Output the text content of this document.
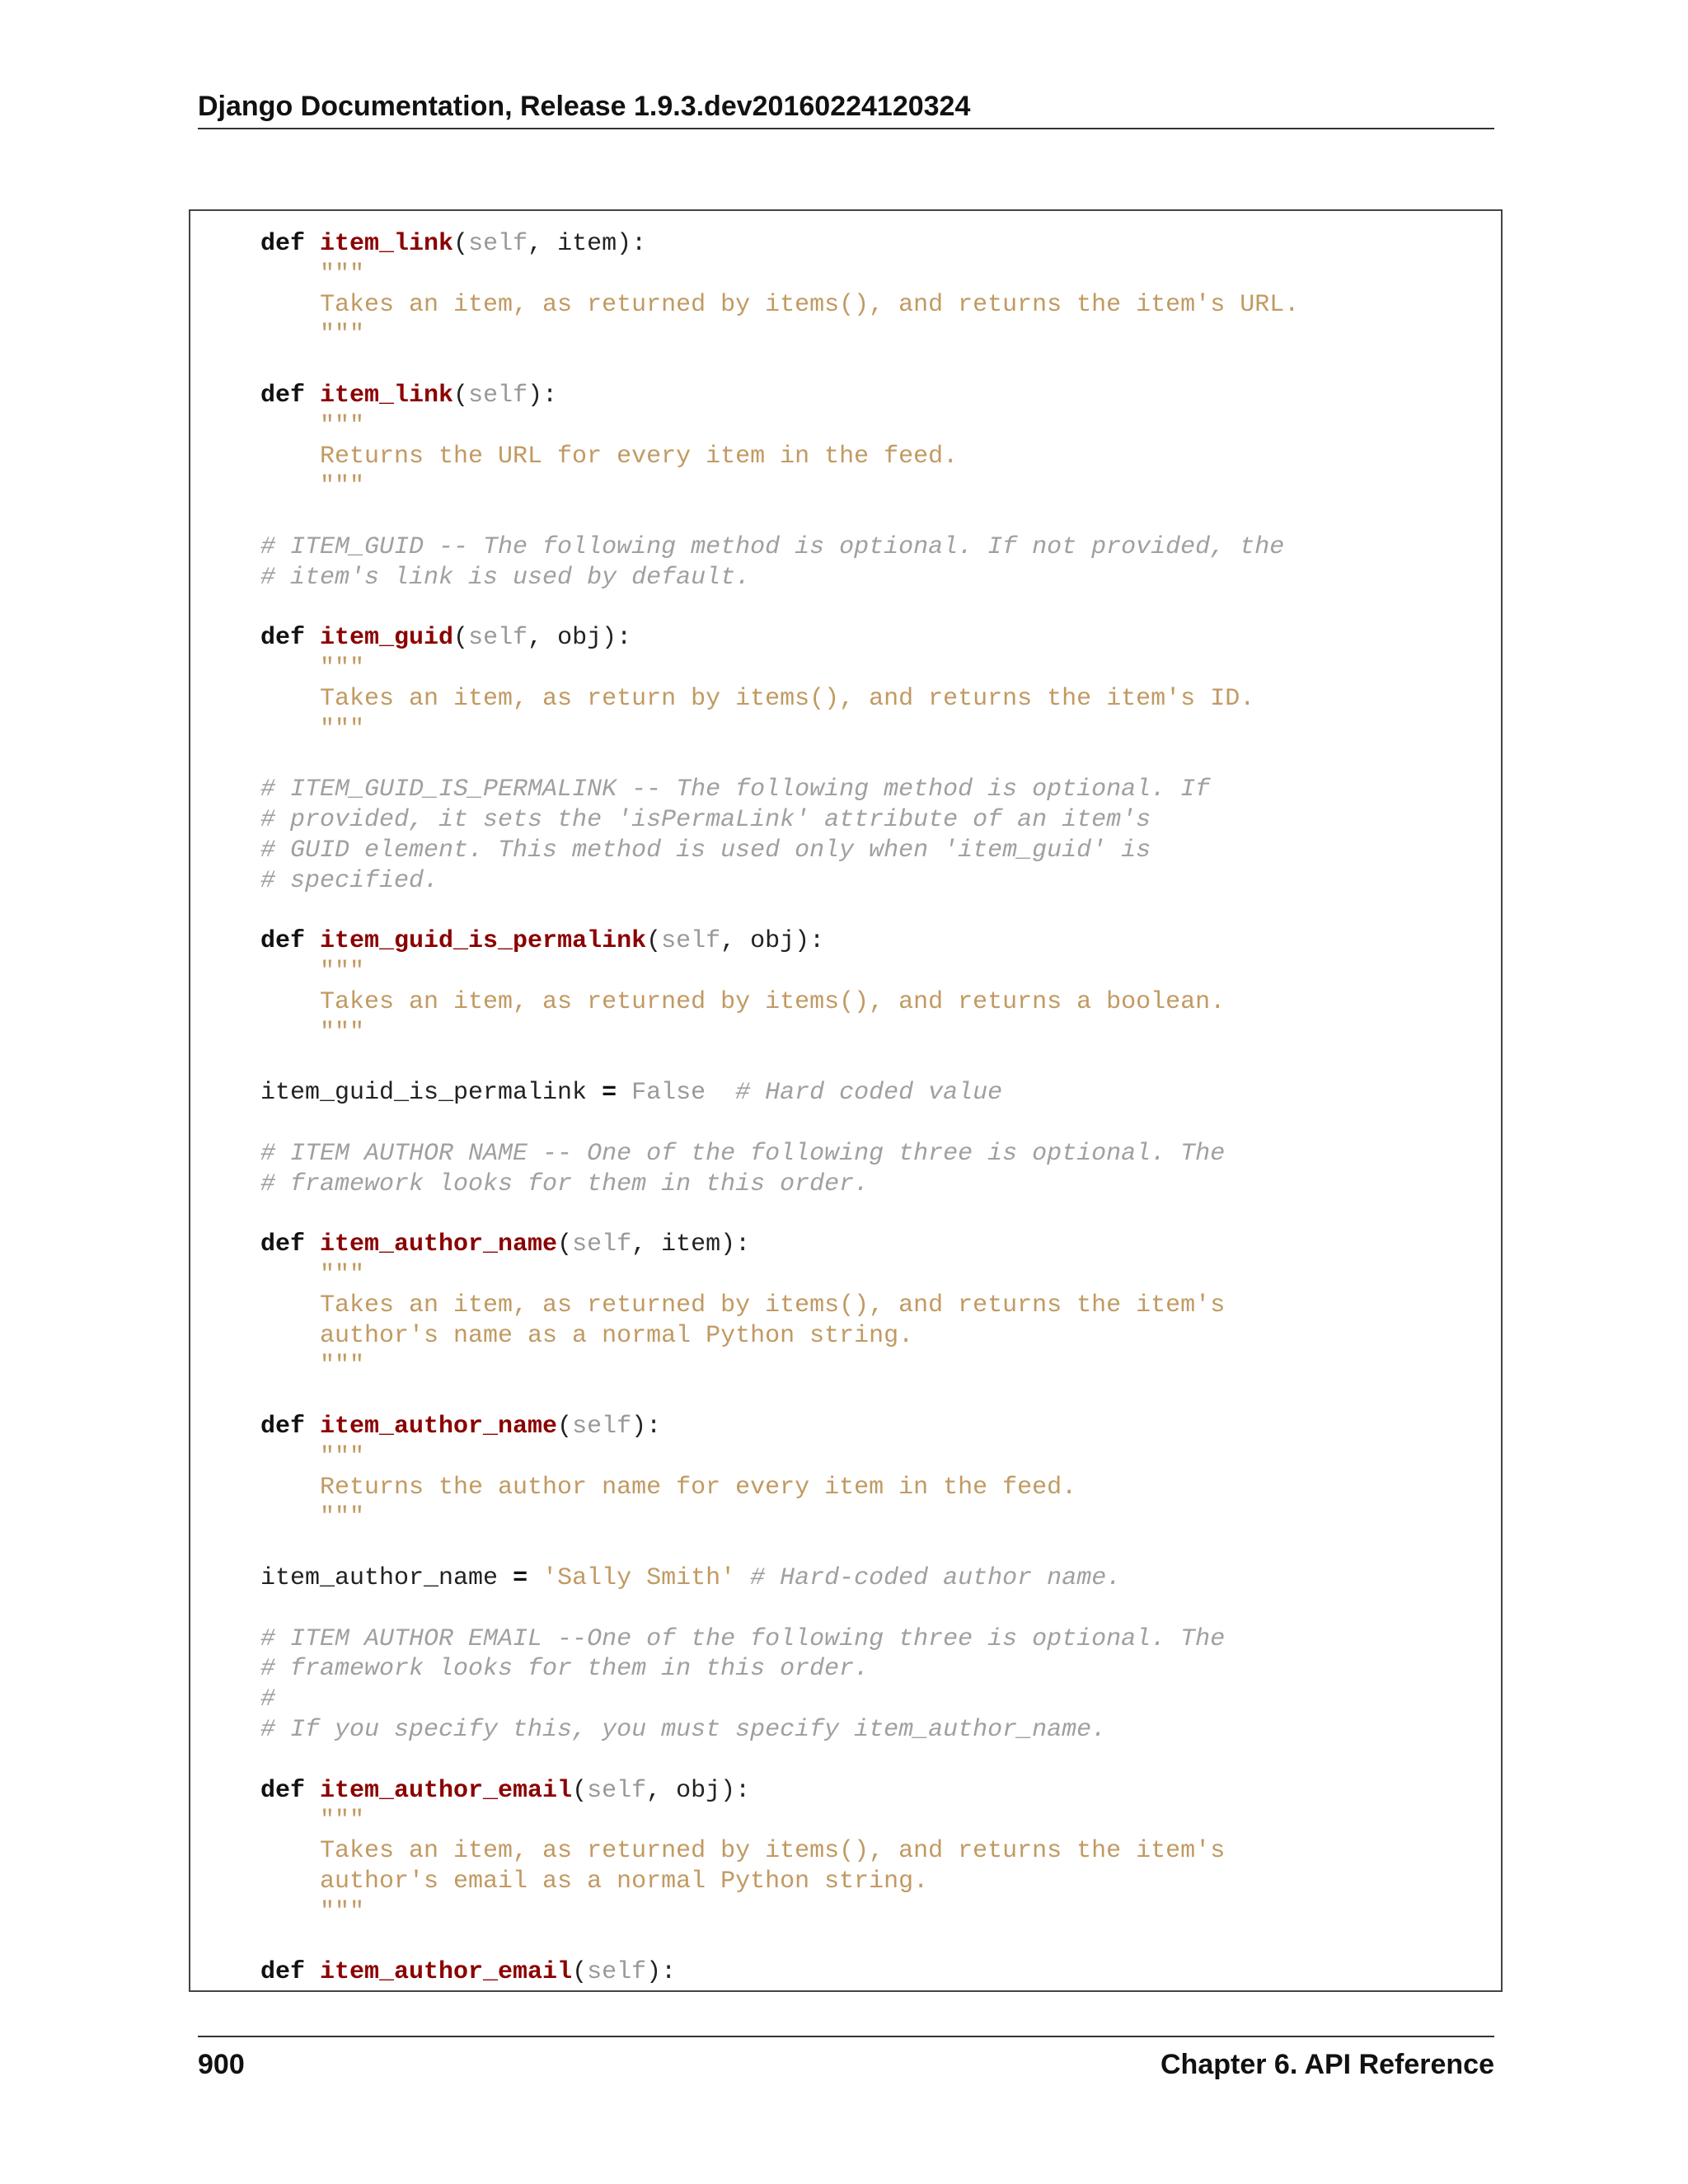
Django Documentation, Release 1.9.3.dev20160224120324
def item_link(self, item):
"""
Takes an item, as returned by items(), and returns the item's URL.
"""

def item_link(self):
"""
Returns the URL for every item in the feed.
"""

# ITEM_GUID -- The following method is optional. If not provided, the
# item's link is used by default.

def item_guid(self, obj):
"""
Takes an item, as return by items(), and returns the item's ID.
"""

# ITEM_GUID_IS_PERMALINK -- The following method is optional. If
# provided, it sets the 'isPermaLink' attribute of an item's
# GUID element. This method is used only when 'item_guid' is
# specified.

def item_guid_is_permalink(self, obj):
"""
Takes an item, as returned by items(), and returns a boolean.
"""

item_guid_is_permalink = False  # Hard coded value

# ITEM AUTHOR NAME -- One of the following three is optional. The
# framework looks for them in this order.

def item_author_name(self, item):
"""
Takes an item, as returned by items(), and returns the item's
author's name as a normal Python string.
"""

def item_author_name(self):
"""
Returns the author name for every item in the feed.
"""

item_author_name = 'Sally Smith' # Hard-coded author name.

# ITEM AUTHOR EMAIL --One of the following three is optional. The
# framework looks for them in this order.
#
# If you specify this, you must specify item_author_name.

def item_author_email(self, obj):
"""
Takes an item, as returned by items(), and returns the item's
author's email as a normal Python string.
"""

def item_author_email(self):
900	Chapter 6. API Reference
